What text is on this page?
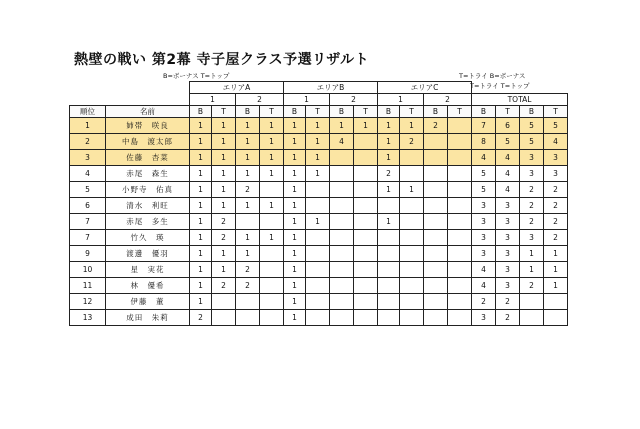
熱壁の戦い 第2幕 寺子屋クラス予選リザルト
B=ボーナス T=トップ	T=トライ B=ボーナス
T=トライ T=トップ
		エリアA				エリアB				エリアC							
		1		2		1		2		1		2		TOTAL			
順位	名前	B	T	B	T	B	T	B	T	B	T	B	T	B	T	B	T
1	姉帯　咲良	1	1	1	1	1	1	1	1	1	1	2		7	6	5	5
2	中島　渡太郎	1	1	1	1	1	1	4		1	2			8	5	5	4
3	佐藤　杏菜	1	1	1	1	1	1			1				4	4	3	3
4	赤尾　森生	1	1	1	1	1	1			2				5	4	3	3
5	小野寺　佑真	1	1	2		1				1	1			5	4	2	2
6	清水　利旺	1	1	1	1	1								3	3	2	2
7	赤尾　多生	1	2			1	1			1				3	3	2	2
7	竹久　瑛	1	2	1	1	1								3	3	3	2
9	渡邊　優羽	1	1	1		1								3	3	1	1
10	星　実花	1	1	2		1								4	3	1	1
11	林　優希	1	2	2		1								4	3	2	1
12	伊藤　董	1				1								2	2		
13	成田　朱莉	2				1								3	2		
